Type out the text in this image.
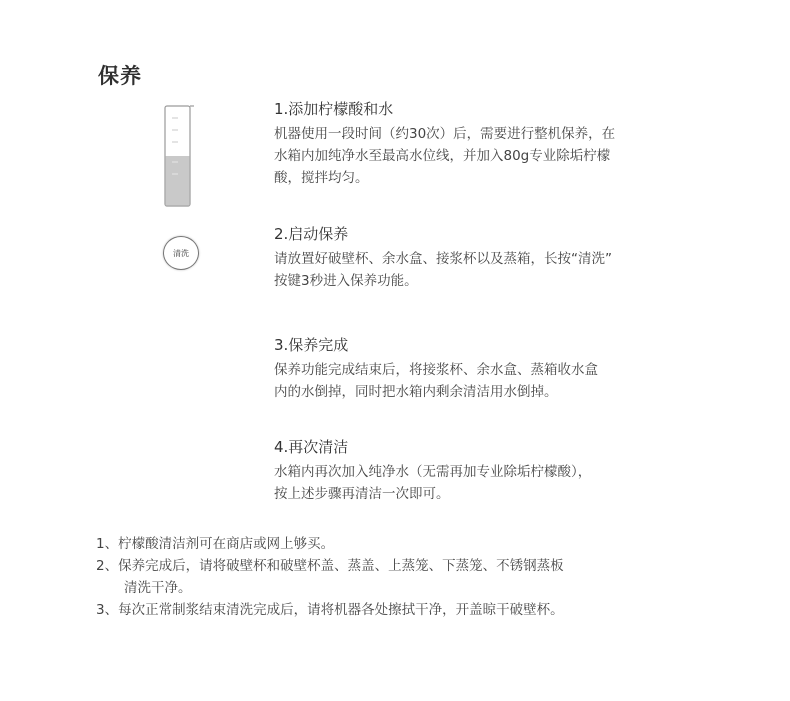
保养
清洗
1.添加柠檬酸和水
机器使用一段时间（约30次）后，需要进行整机保养，在
水箱内加纯净水至最高水位线，并加入80g专业除垢柠檬
酸，搅拌均匀。
2.启动保养
请放置好破壁杯、余水盒、接浆杯以及蒸箱，长按“清洗”
按键3秒进入保养功能。
3.保养完成
保养功能完成结束后，将接浆杯、余水盒、蒸箱收水盒
内的水倒掉，同时把水箱内剩余清洁用水倒掉。
4.再次清洁
水箱内再次加入纯净水（无需再加专业除垢柠檬酸），
按上述步骤再清洁一次即可。
1、柠檬酸清洁剂可在商店或网上够买。
2、保养完成后，请将破壁杯和破壁杯盖、蒸盖、上蒸笼、下蒸笼、不锈钢蒸板
清洗干净。
3、每次正常制浆结束清洗完成后，请将机器各处擦拭干净，开盖晾干破壁杯。
